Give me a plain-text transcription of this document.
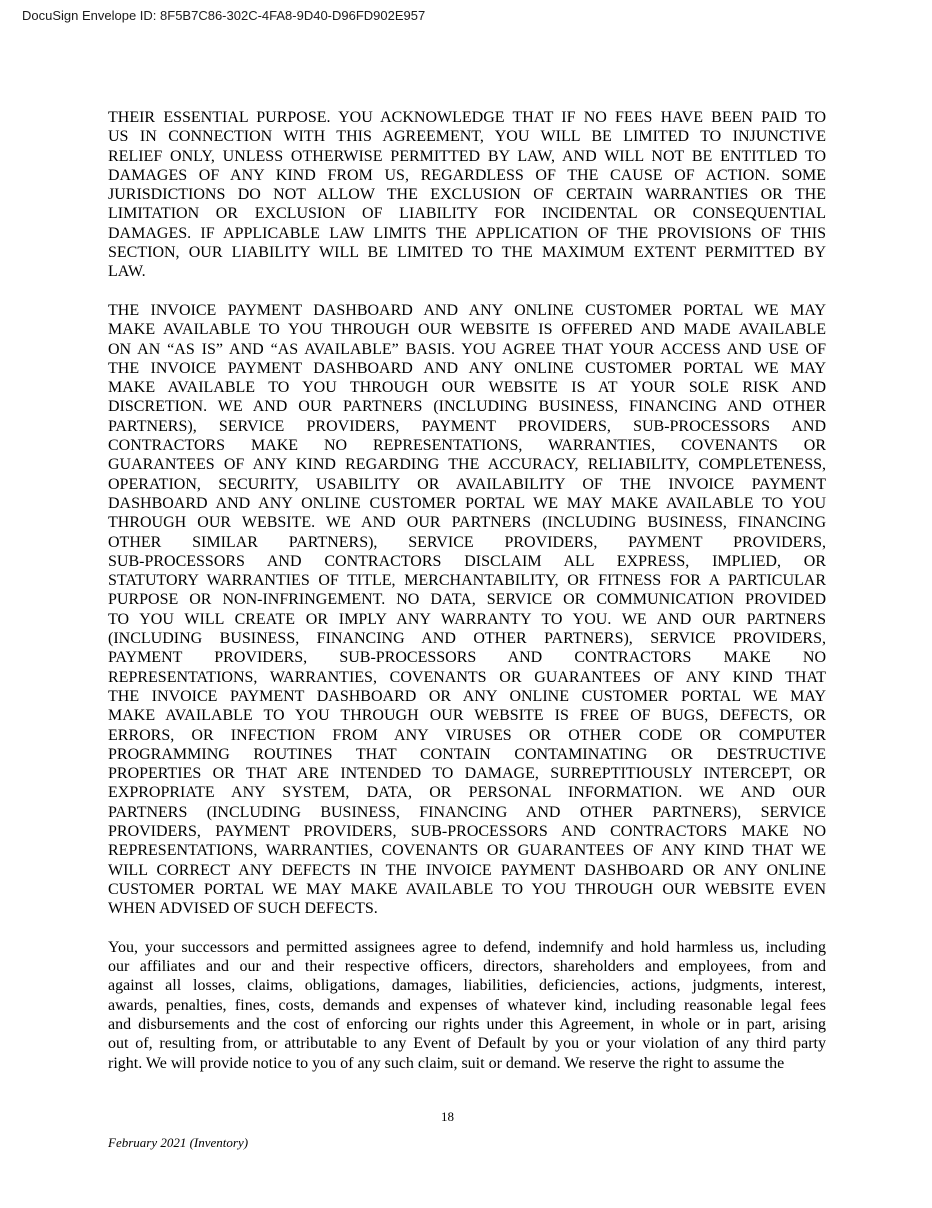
DocuSign Envelope ID: 8F5B7C86-302C-4FA8-9D40-D96FD902E957
THEIR ESSENTIAL PURPOSE. YOU ACKNOWLEDGE THAT IF NO FEES HAVE BEEN PAID TO
US IN CONNECTION WITH THIS AGREEMENT, YOU WILL BE LIMITED TO INJUNCTIVE
RELIEF ONLY, UNLESS OTHERWISE PERMITTED BY LAW, AND WILL NOT BE ENTITLED TO
DAMAGES OF ANY KIND FROM US, REGARDLESS OF THE CAUSE OF ACTION. SOME
JURISDICTIONS DO NOT ALLOW THE EXCLUSION OF CERTAIN WARRANTIES OR THE
LIMITATION OR EXCLUSION OF LIABILITY FOR INCIDENTAL OR CONSEQUENTIAL
DAMAGES. IF APPLICABLE LAW LIMITS THE APPLICATION OF THE PROVISIONS OF THIS
SECTION, OUR LIABILITY WILL BE LIMITED TO THE MAXIMUM EXTENT PERMITTED BY
LAW.
THE INVOICE PAYMENT DASHBOARD AND ANY ONLINE CUSTOMER PORTAL WE MAY
MAKE AVAILABLE TO YOU THROUGH OUR WEBSITE IS OFFERED AND MADE AVAILABLE
ON AN “AS IS” AND “AS AVAILABLE” BASIS. YOU AGREE THAT YOUR ACCESS AND USE OF
THE INVOICE PAYMENT DASHBOARD AND ANY ONLINE CUSTOMER PORTAL WE MAY
MAKE AVAILABLE TO YOU THROUGH OUR WEBSITE IS AT YOUR SOLE RISK AND
DISCRETION. WE AND OUR PARTNERS (INCLUDING BUSINESS, FINANCING AND OTHER
PARTNERS), SERVICE PROVIDERS, PAYMENT PROVIDERS, SUB-PROCESSORS AND
CONTRACTORS MAKE NO REPRESENTATIONS, WARRANTIES, COVENANTS OR
GUARANTEES OF ANY KIND REGARDING THE ACCURACY, RELIABILITY, COMPLETENESS,
OPERATION, SECURITY, USABILITY OR AVAILABILITY OF THE INVOICE PAYMENT
DASHBOARD AND ANY ONLINE CUSTOMER PORTAL WE MAY MAKE AVAILABLE TO YOU
THROUGH OUR WEBSITE. WE AND OUR PARTNERS (INCLUDING BUSINESS, FINANCING
OTHER SIMILAR PARTNERS), SERVICE PROVIDERS, PAYMENT PROVIDERS,
SUB-PROCESSORS AND CONTRACTORS DISCLAIM ALL EXPRESS, IMPLIED, OR
STATUTORY WARRANTIES OF TITLE, MERCHANTABILITY, OR FITNESS FOR A PARTICULAR
PURPOSE OR NON-INFRINGEMENT. NO DATA, SERVICE OR COMMUNICATION PROVIDED
TO YOU WILL CREATE OR IMPLY ANY WARRANTY TO YOU. WE AND OUR PARTNERS
(INCLUDING BUSINESS, FINANCING AND OTHER PARTNERS), SERVICE PROVIDERS,
PAYMENT PROVIDERS, SUB-PROCESSORS AND CONTRACTORS MAKE NO
REPRESENTATIONS, WARRANTIES, COVENANTS OR GUARANTEES OF ANY KIND THAT
THE INVOICE PAYMENT DASHBOARD OR ANY ONLINE CUSTOMER PORTAL WE MAY
MAKE AVAILABLE TO YOU THROUGH OUR WEBSITE IS FREE OF BUGS, DEFECTS, OR
ERRORS, OR INFECTION FROM ANY VIRUSES OR OTHER CODE OR COMPUTER
PROGRAMMING ROUTINES THAT CONTAIN CONTAMINATING OR DESTRUCTIVE
PROPERTIES OR THAT ARE INTENDED TO DAMAGE, SURREPTITIOUSLY INTERCEPT, OR
EXPROPRIATE ANY SYSTEM, DATA, OR PERSONAL INFORMATION. WE AND OUR
PARTNERS (INCLUDING BUSINESS, FINANCING AND OTHER PARTNERS), SERVICE
PROVIDERS, PAYMENT PROVIDERS, SUB-PROCESSORS AND CONTRACTORS MAKE NO
REPRESENTATIONS, WARRANTIES, COVENANTS OR GUARANTEES OF ANY KIND THAT WE
WILL CORRECT ANY DEFECTS IN THE INVOICE PAYMENT DASHBOARD OR ANY ONLINE
CUSTOMER PORTAL WE MAY MAKE AVAILABLE TO YOU THROUGH OUR WEBSITE EVEN
WHEN ADVISED OF SUCH DEFECTS.
You, your successors and permitted assignees agree to defend, indemnify and hold harmless us, including
our affiliates and our and their respective officers, directors, shareholders and employees, from and
against all losses, claims, obligations, damages, liabilities, deficiencies, actions, judgments, interest,
awards, penalties, fines, costs, demands and expenses of whatever kind, including reasonable legal fees
and disbursements and the cost of enforcing our rights under this Agreement, in whole or in part, arising
out of, resulting from, or attributable to any Event of Default by you or your violation of any third party
right. We will provide notice to you of any such claim, suit or demand. We reserve the right to assume the
18
February 2021 (Inventory)
